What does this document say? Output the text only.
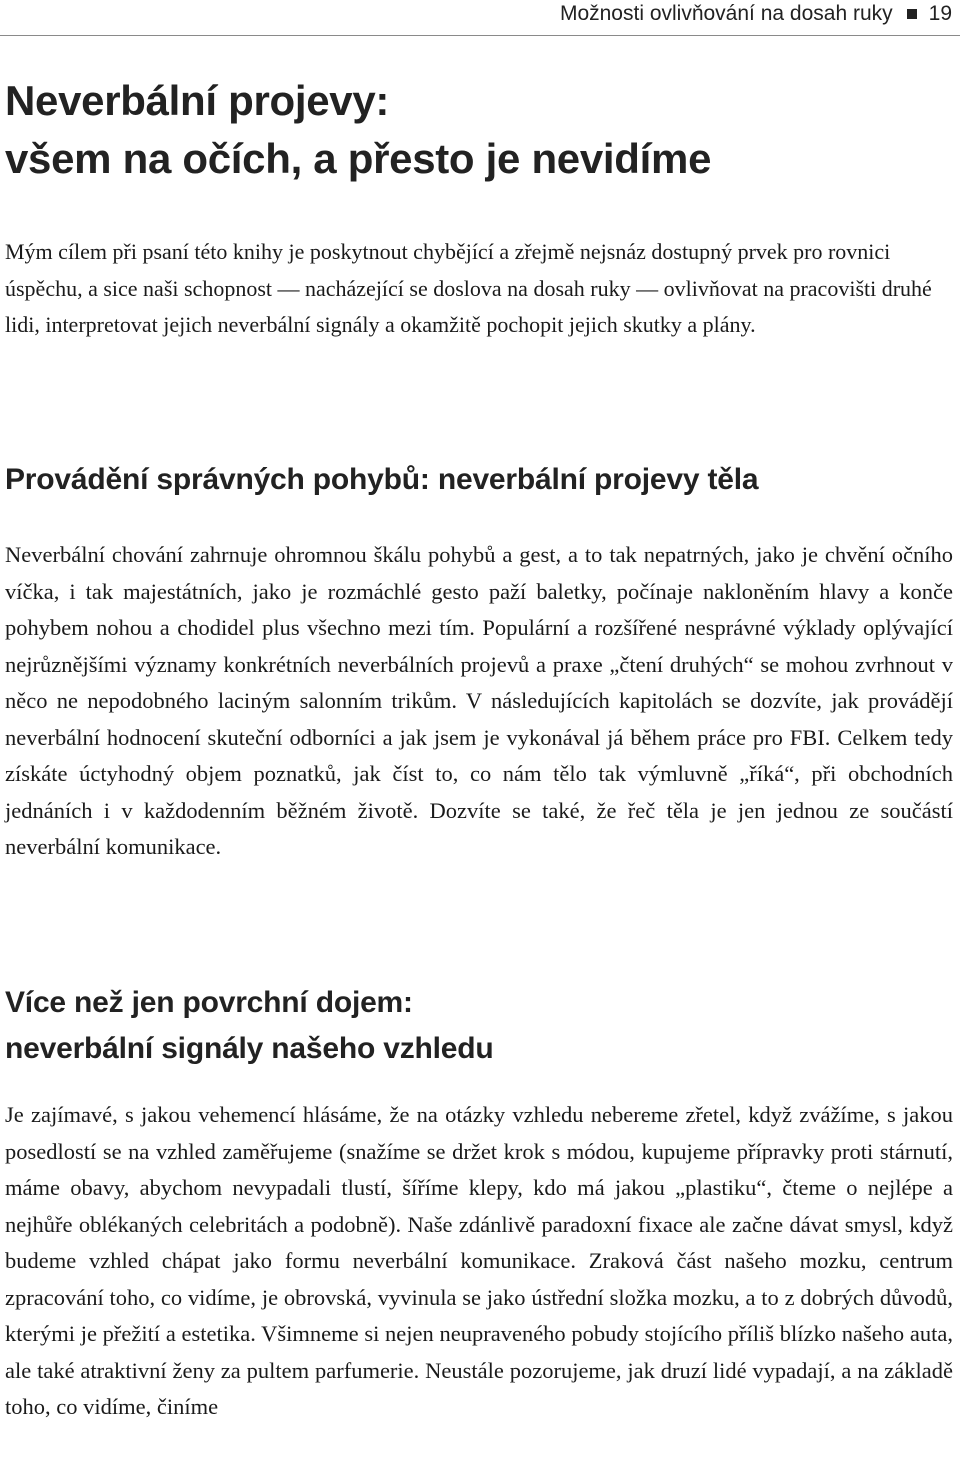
Možnosti ovlivňování na dosah ruky 19
Neverbální projevy:
všem na očích, a přesto je nevidíme

Mým cílem při psaní této knihy je poskytnout chybějící a zřejmě nejsnáz dostupný prvek pro rovnici úspěchu, a sice naši schopnost — nacházející se doslova na dosah ruky — ovlivňovat na pracovišti druhé lidi, interpretovat jejich neverbální signály a okamžitě pochopit jejich skutky a plány.

Provádění správných pohybů: neverbální projevy těla

Neverbální chování zahrnuje ohromnou škálu pohybů a gest, a to tak nepatrných, jako je chvění očního víčka, i tak majestátních, jako je rozmáchlé gesto paží baletky, počínaje nakloněním hlavy a konče pohybem nohou a chodidel plus všechno mezi tím. Populární a rozšířené nesprávné výklady oplývající nejrůznějšími významy konkrétních neverbálních projevů a praxe „čtení druhých“ se mohou zvrhnout v něco ne nepodobného laciným salonním trikům. V následujících kapitolách se dozvíte, jak provádějí neverbální hodnocení skuteční odborníci a jak jsem je vykonával já během práce pro FBI. Celkem tedy získáte úctyhodný objem poznatků, jak číst to, co nám tělo tak výmluvně „říká“, při obchodních jednáních i v každodenním běžném životě. Dozvíte se také, že řeč těla je jen jednou ze součástí neverbální komunikace.

Více než jen povrchní dojem:
neverbální signály našeho vzhledu

Je zajímavé, s jakou vehemencí hlásáme, že na otázky vzhledu nebereme zřetel, když zvážíme, s jakou posedlostí se na vzhled zaměřujeme (snažíme se držet krok s módou, kupujeme přípravky proti stárnutí, máme obavy, abychom nevypadali tlustí, šíříme klepy, kdo má jakou „plastiku“, čteme o nejlépe a nejhůře oblékaných celebritách a podobně). Naše zdánlivě paradoxní fixace ale začne dávat smysl, když budeme vzhled chápat jako formu neverbální komunikace. Zraková část našeho mozku, centrum zpracování toho, co vidíme, je obrovská, vyvinula se jako ústřední složka mozku, a to z dobrých důvodů, kterými je přežití a estetika. Všimneme si nejen neupraveného pobudy stojícího příliš blízko našeho auta, ale také atraktivní ženy za pultem parfumerie. Neustále pozorujeme, jak druzí lidé vypadají, a na základě toho, co vidíme, činíme
